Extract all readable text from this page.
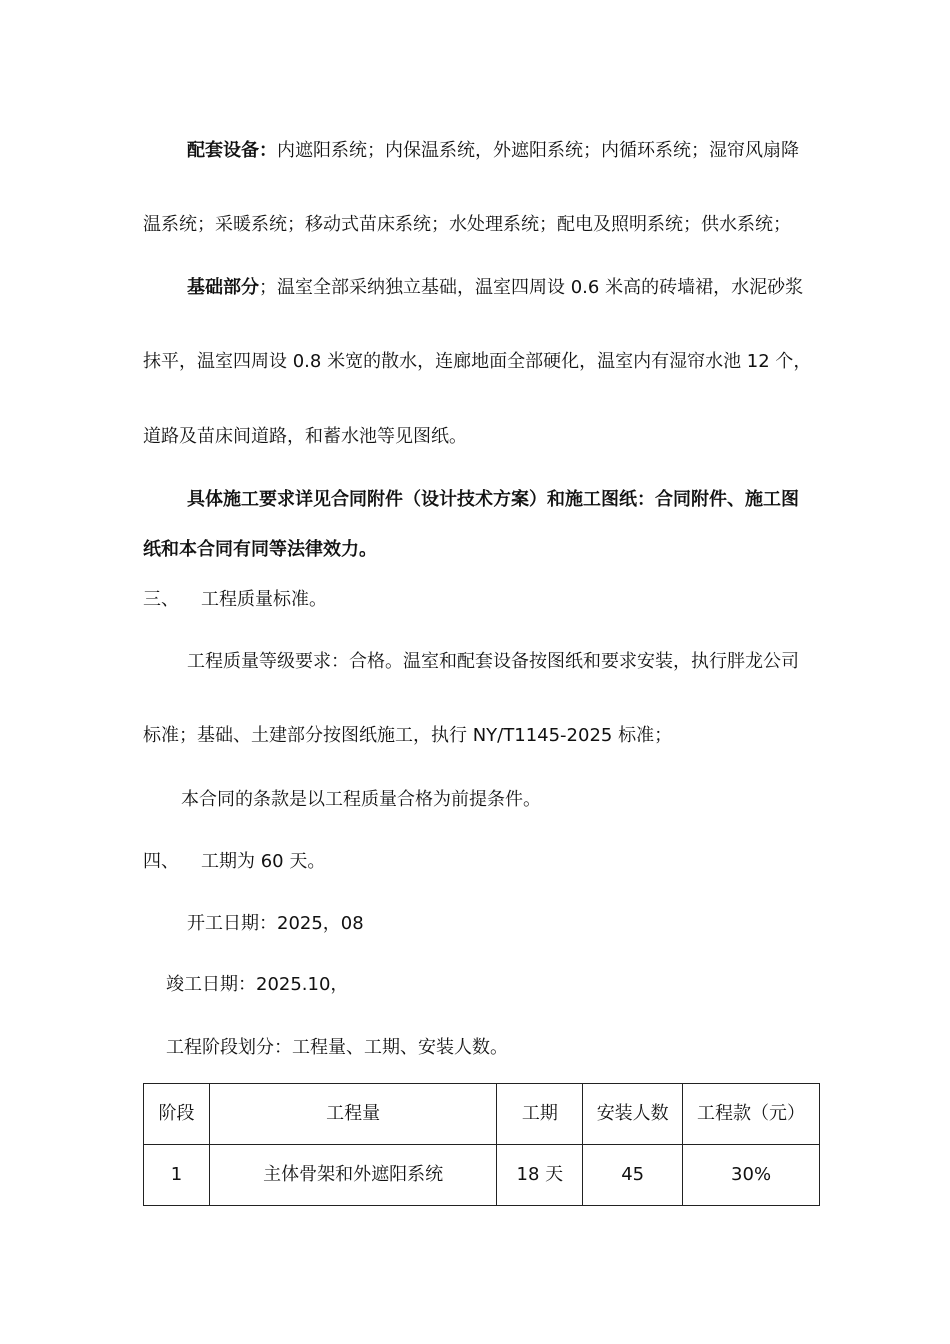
配套设备：内遮阳系统；内保温系统，外遮阳系统；内循环系统；湿帘风扇降
温系统；采暖系统；移动式苗床系统；水处理系统；配电及照明系统；供水系统；
基础部分；温室全部采纳独立基础，温室四周设 0.6 米高的砖墙裙，水泥砂浆
抹平，温室四周设 0.8 米宽的散水，连廊地面全部硬化，温室内有湿帘水池 12 个，
道路及苗床间道路，和蓄水池等见图纸。
具体施工要求详见合同附件（设计技术方案）和施工图纸：合同附件、施工图
纸和本合同有同等法律效力。
三、 工程质量标准。
工程质量等级要求：合格。温室和配套设备按图纸和要求安装，执行胖龙公司
标准；基础、土建部分按图纸施工，执行 NY/T1145-2025 标准；
本合同的条款是以工程质量合格为前提条件。
四、 工期为 60 天。
开工日期：2025，08
竣工日期：2025.10，
工程阶段划分：工程量、工期、安装人数。
阶段	工程量	工期	安装人数	工程款（元）
1	主体骨架和外遮阳系统	18 天	45	30%
